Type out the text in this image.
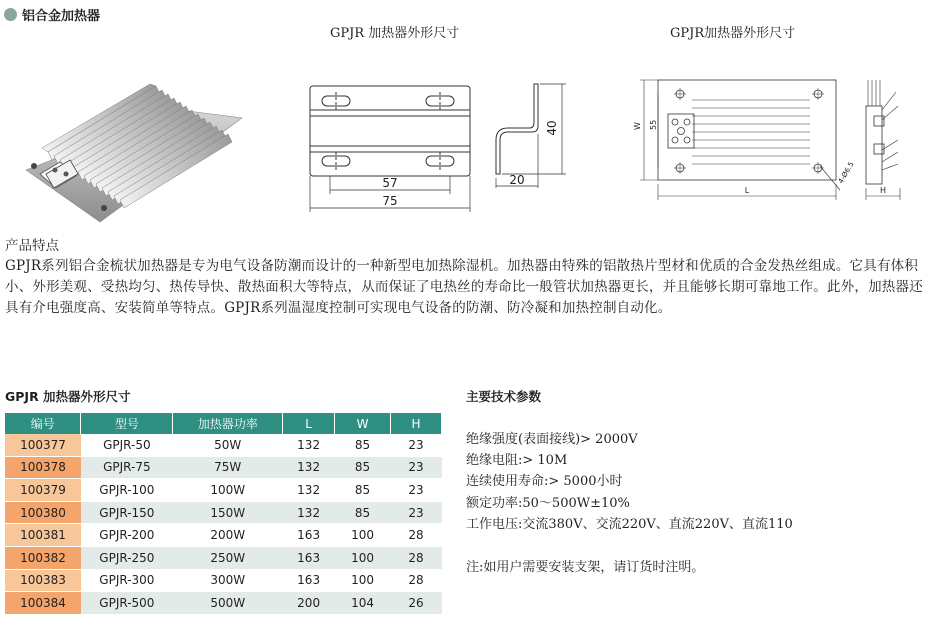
铝合金加热器
GPJR 加热器外形尺寸	GPJR加热器外形尺寸
57
75
20
40	W 55
L	H
4-Ø6.5
产品特点
GPJR系列铝合金梳状加热器是专为电气设备防潮而设计的一种新型电加热除湿机。加热器由特殊的铝散热片型材和优质的合金发热丝组成。它具有体积小、外形美观、受热均匀、热传导快、散热面积大等特点，从而保证了电热丝的寿命比一般管状加热器更长，并且能够长期可靠地工作。此外，加热器还具有介电强度高、安装简单等特点。GPJR系列温湿度控制可实现电气设备的防潮、防冷凝和加热控制自动化。
GPJR 加热器外形尺寸
编号	型号	加热器功率	L	W	H
100377	GPJR-50	50W	132	85	23
100378	GPJR-75	75W	132	85	23
100379	GPJR-100	100W	132	85	23
100380	GPJR-150	150W	132	85	23
100381	GPJR-200	200W	163	100	28
100382	GPJR-250	250W	163	100	28
100383	GPJR-300	300W	163	100	28
100384	GPJR-500	500W	200	104	26
主要技术参数
绝缘强度(表面接线)> 2000V
绝缘电阻:> 10M
连续使用寿命:> 5000小时
额定功率:50～500W±10%
工作电压:交流380V、交流220V、直流220V、直流110
注:如用户需要安装支架，请订货时注明。
